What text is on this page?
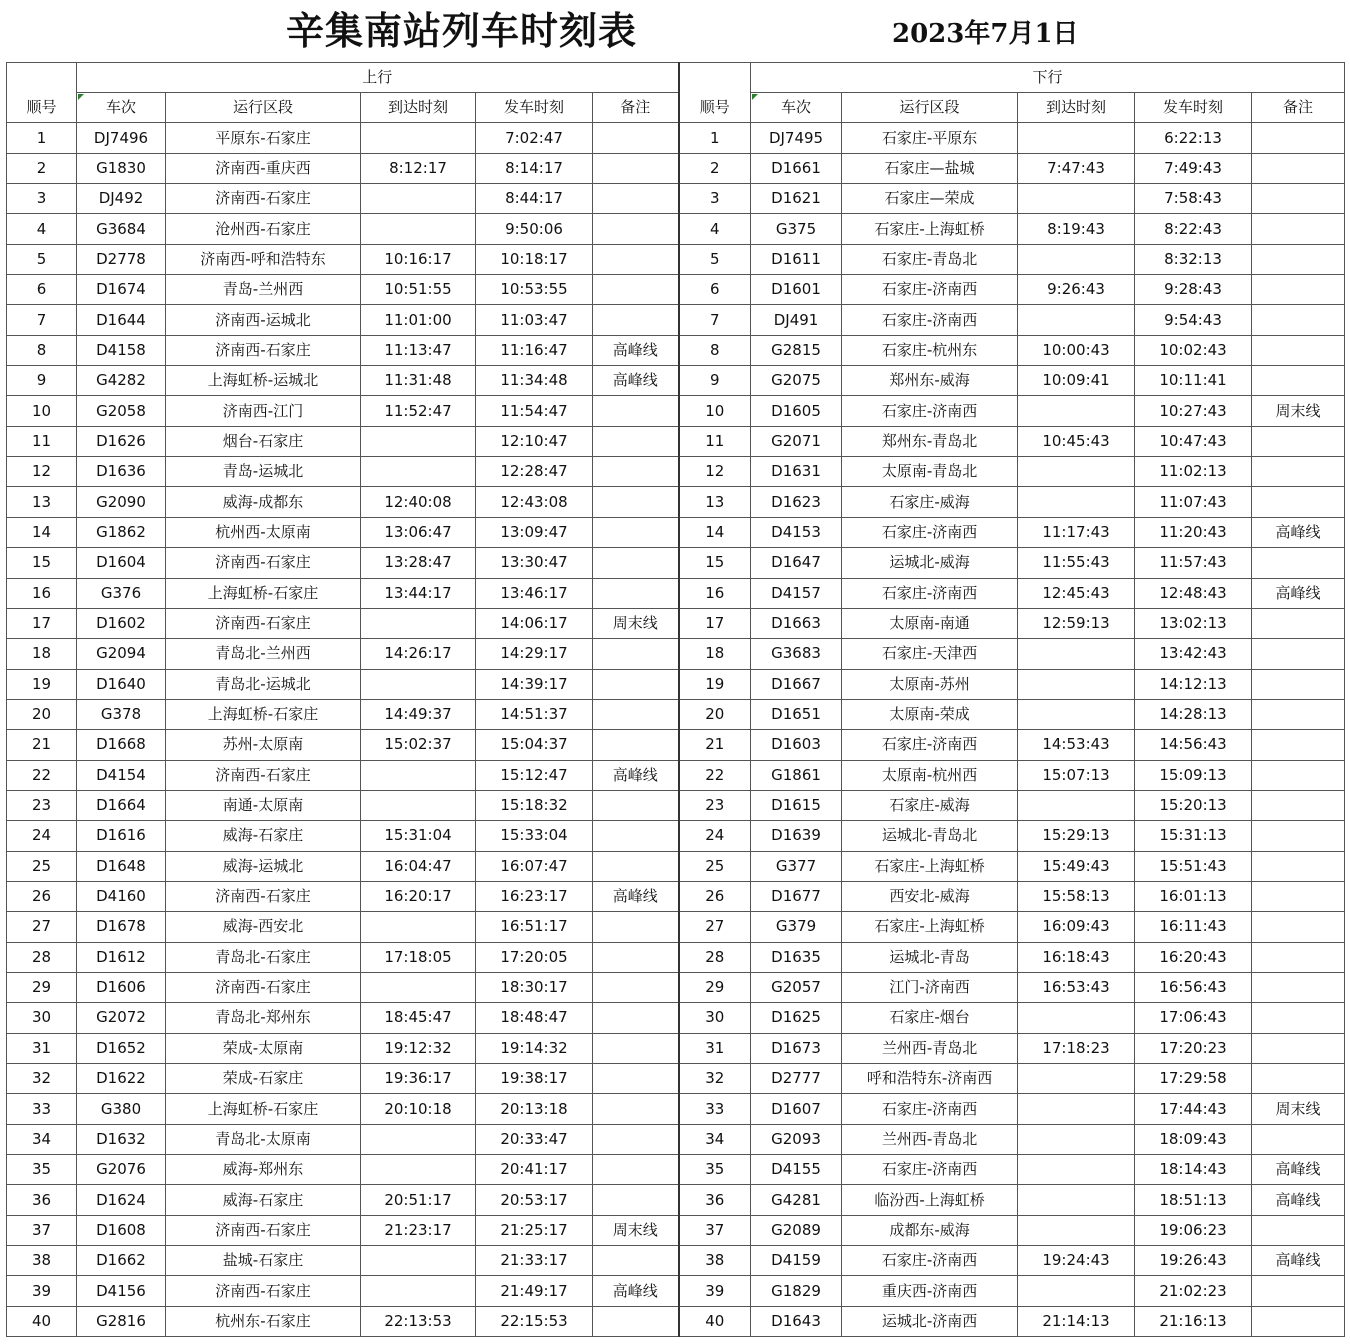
辛集南站列车时刻表	2023年7月1日
	上行						下行				
顺号	车次	运行区段	到达时刻	发车时刻	备注	顺号	车次	运行区段	到达时刻	发车时刻	备注
1	DJ7496	平原东-石家庄		7:02:47		1	DJ7495	石家庄-平原东		6:22:13	
2	G1830	济南西-重庆西	8:12:17	8:14:17		2	D1661	石家庄—盐城	7:47:43	7:49:43	
3	DJ492	济南西-石家庄		8:44:17		3	D1621	石家庄—荣成		7:58:43	
4	G3684	沧州西-石家庄		9:50:06		4	G375	石家庄-上海虹桥	8:19:43	8:22:43	
5	D2778	济南西-呼和浩特东	10:16:17	10:18:17		5	D1611	石家庄-青岛北		8:32:13	
6	D1674	青岛-兰州西	10:51:55	10:53:55		6	D1601	石家庄-济南西	9:26:43	9:28:43	
7	D1644	济南西-运城北	11:01:00	11:03:47		7	DJ491	石家庄-济南西		9:54:43	
8	D4158	济南西-石家庄	11:13:47	11:16:47	高峰线	8	G2815	石家庄-杭州东	10:00:43	10:02:43	
9	G4282	上海虹桥-运城北	11:31:48	11:34:48	高峰线	9	G2075	郑州东-威海	10:09:41	10:11:41	
10	G2058	济南西-江门	11:52:47	11:54:47		10	D1605	石家庄-济南西		10:27:43	周末线
11	D1626	烟台-石家庄		12:10:47		11	G2071	郑州东-青岛北	10:45:43	10:47:43	
12	D1636	青岛-运城北		12:28:47		12	D1631	太原南-青岛北		11:02:13	
13	G2090	威海-成都东	12:40:08	12:43:08		13	D1623	石家庄-威海		11:07:43	
14	G1862	杭州西-太原南	13:06:47	13:09:47		14	D4153	石家庄-济南西	11:17:43	11:20:43	高峰线
15	D1604	济南西-石家庄	13:28:47	13:30:47		15	D1647	运城北-威海	11:55:43	11:57:43	
16	G376	上海虹桥-石家庄	13:44:17	13:46:17		16	D4157	石家庄-济南西	12:45:43	12:48:43	高峰线
17	D1602	济南西-石家庄		14:06:17	周末线	17	D1663	太原南-南通	12:59:13	13:02:13	
18	G2094	青岛北-兰州西	14:26:17	14:29:17		18	G3683	石家庄-天津西		13:42:43	
19	D1640	青岛北-运城北		14:39:17		19	D1667	太原南-苏州		14:12:13	
20	G378	上海虹桥-石家庄	14:49:37	14:51:37		20	D1651	太原南-荣成		14:28:13	
21	D1668	苏州-太原南	15:02:37	15:04:37		21	D1603	石家庄-济南西	14:53:43	14:56:43	
22	D4154	济南西-石家庄		15:12:47	高峰线	22	G1861	太原南-杭州西	15:07:13	15:09:13	
23	D1664	南通-太原南		15:18:32		23	D1615	石家庄-威海		15:20:13	
24	D1616	威海-石家庄	15:31:04	15:33:04		24	D1639	运城北-青岛北	15:29:13	15:31:13	
25	D1648	威海-运城北	16:04:47	16:07:47		25	G377	石家庄-上海虹桥	15:49:43	15:51:43	
26	D4160	济南西-石家庄	16:20:17	16:23:17	高峰线	26	D1677	西安北-威海	15:58:13	16:01:13	
27	D1678	威海-西安北		16:51:17		27	G379	石家庄-上海虹桥	16:09:43	16:11:43	
28	D1612	青岛北-石家庄	17:18:05	17:20:05		28	D1635	运城北-青岛	16:18:43	16:20:43	
29	D1606	济南西-石家庄		18:30:17		29	G2057	江门-济南西	16:53:43	16:56:43	
30	G2072	青岛北-郑州东	18:45:47	18:48:47		30	D1625	石家庄-烟台		17:06:43	
31	D1652	荣成-太原南	19:12:32	19:14:32		31	D1673	兰州西-青岛北	17:18:23	17:20:23	
32	D1622	荣成-石家庄	19:36:17	19:38:17		32	D2777	呼和浩特东-济南西		17:29:58	
33	G380	上海虹桥-石家庄	20:10:18	20:13:18		33	D1607	石家庄-济南西		17:44:43	周末线
34	D1632	青岛北-太原南		20:33:47		34	G2093	兰州西-青岛北		18:09:43	
35	G2076	威海-郑州东		20:41:17		35	D4155	石家庄-济南西		18:14:43	高峰线
36	D1624	威海-石家庄	20:51:17	20:53:17		36	G4281	临汾西-上海虹桥		18:51:13	高峰线
37	D1608	济南西-石家庄	21:23:17	21:25:17	周末线	37	G2089	成都东-威海		19:06:23	
38	D1662	盐城-石家庄		21:33:17		38	D4159	石家庄-济南西	19:24:43	19:26:43	高峰线
39	D4156	济南西-石家庄		21:49:17	高峰线	39	G1829	重庆西-济南西		21:02:23	
40	G2816	杭州东-石家庄	22:13:53	22:15:53		40	D1643	运城北-济南西	21:14:13	21:16:13	
